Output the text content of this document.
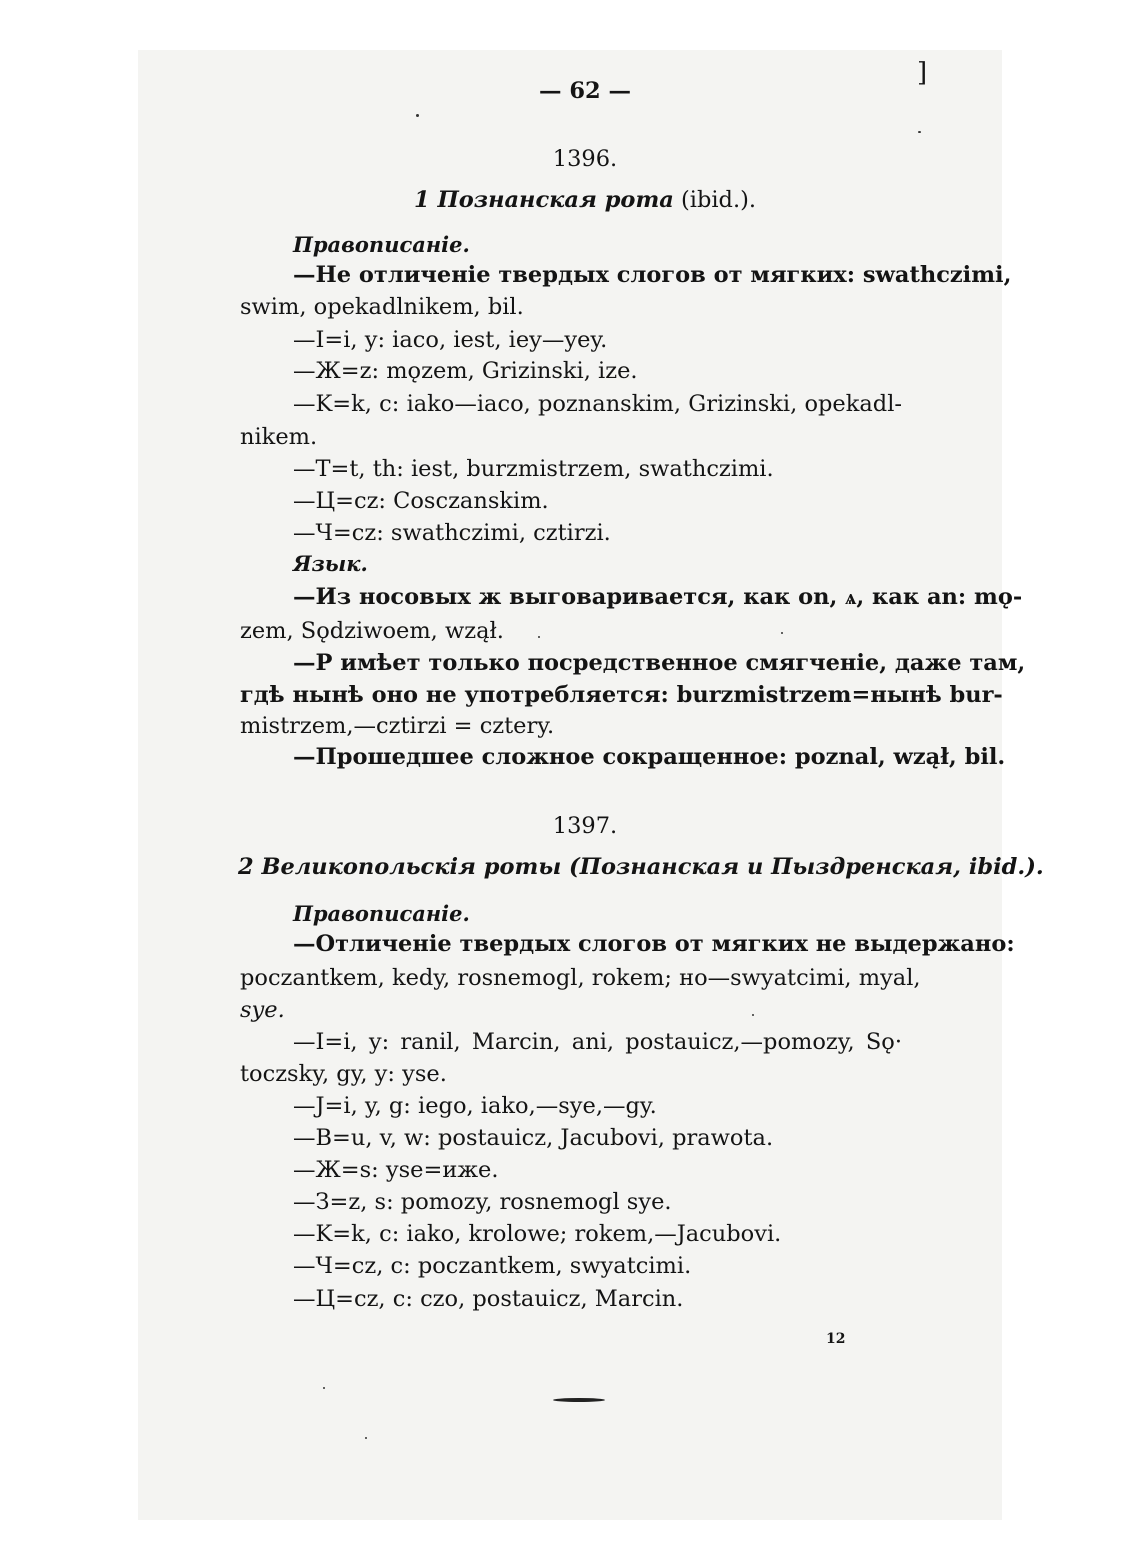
— 62 —
]
1396.
1 Познанская рота (ibid.).
Правописаніе.
—Не отличеніе твердых слогов от мягких: swathczimi,
swim, opekadlnikem, bil.
—I=i, y: iaco, iest, iey—yey.
—Ж=z: mǫzem, Grizinski, ize.
—K=k, c: iako—iaco, poznanskim, Grizinski, opekadl-
nikem.
—T=t, th: iest, burzmistrzem, swathczimi.
—Ц=cz: Cosczanskim.
—Ч=cz: swathczimi, cztirzi.
Язык.
—Из носовых ж выговаривается, как on, ѧ, как an: mǫ-
zem, Sǫdziwoem, wzął.
—P имѣет только посредственное смягченіе, даже там,
гдѣ нынѣ оно не употребляется: burzmistrzem=нынѣ bur-
mistrzem,—cztirzi = cztery.
—Прошедшее сложное сокращенное: poznal, wzął, bil.
1397.
2 Великопольскія роты (Познанская и Пыздренская, ibid.).
Правописаніе.
—Отличеніе твердых слогов от мягких не выдержано:
poczantkem, kedy, rosnemogl, rokem; но—swyatcimi, myal,
sye.
—I=i, y: ranil, Marcin, ani, postauicz,—pomozy, Sǫ·
toczsky, gy, y: yse.
—J=i, y, g: iego, iako,—sye,—gy.
—B=u, v, w: postauicz, Jacubovi, prawota.
—Ж=s: yse=иже.
—З=z, s: pomozy, rosnemogl sye.
—K=k, c: iako, krolowe; rokem,—Jacubovi.
—Ч=cz, c: poczantkem, swyatcimi.
—Ц=cz, c: czo, postauicz, Marcin.
12
